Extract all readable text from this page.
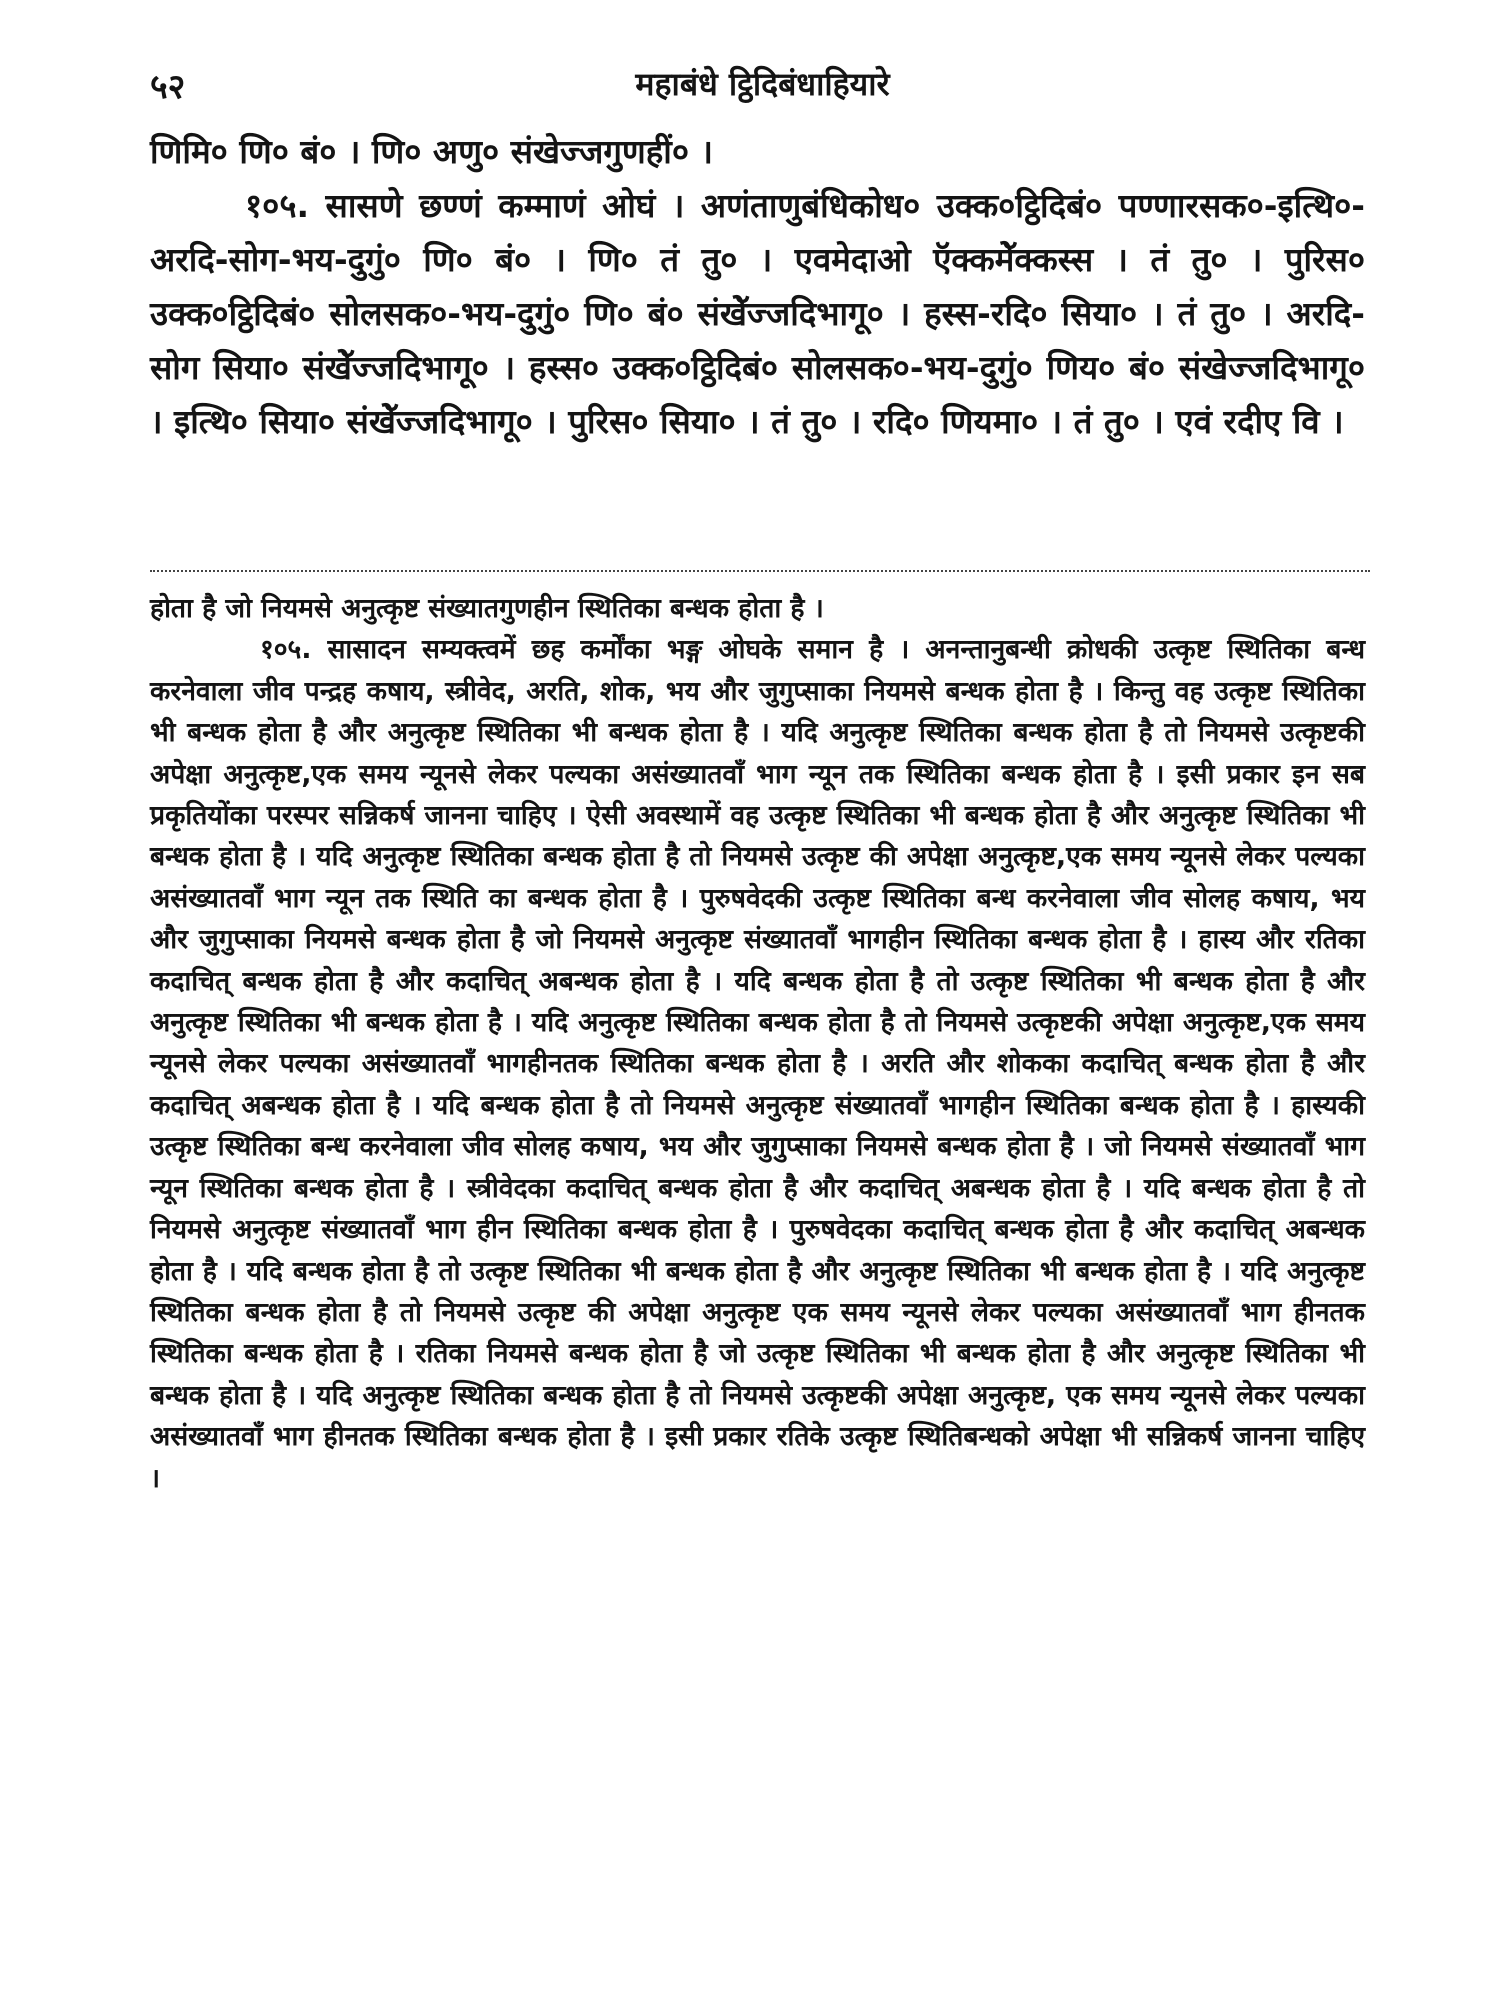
५२	महाबंधे ट्ठिदिबंधाहियारे

णिमि० णि० बं० । णि० अणु० संखेज्जगुणहीं० ।

१०५. सासणे छण्णं कम्माणं ओघं । अणंताणुबंधिकोध० उक्क०ट्ठिदिबं० पण्णारसक०-इत्थि०-अरदि-सोग-भय-दुगुं० णि० बं० । णि० तं तु० । एवमेदाओ ऍक्कमेॅक्कस्स । तं तु० । पुरिस० उक्क०ट्ठिदिबं० सोलसक०-भय-दुगुं० णि० बं० संखेॅज्जदिभागू० । हस्स-रदि० सिया० । तं तु० । अरदि-सोग सिया० संखेॅज्जदिभागू० । हस्स० उक्क०ट्ठिदिबं० सोलसक०-भय-दुगुं० णिय० बं० संखेज्जदिभागू० । इत्थि० सिया० संखेॅज्जदिभागू० । पुरिस० सिया० । तं तु० । रदि० णियमा० । तं तु० । एवं रदीए वि ।

होता है जो नियमसे अनुत्कृष्ट संख्यातगुणहीन स्थितिका बन्धक होता है ।

१०५. सासादन सम्यक्त्वमें छह कर्मोंका भङ्ग ओघके समान है । अनन्तानुबन्धी क्रोधकी उत्कृष्ट स्थितिका बन्ध करनेवाला जीव पन्द्रह कषाय, स्त्रीवेद, अरति, शोक, भय और जुगुप्साका नियमसे बन्धक होता है । किन्तु वह उत्कृष्ट स्थितिका भी बन्धक होता है और अनुत्कृष्ट स्थितिका भी बन्धक होता है । यदि अनुत्कृष्ट स्थितिका बन्धक होता है तो नियमसे उत्कृष्टकी अपेक्षा अनुत्कृष्ट,एक समय न्यूनसे लेकर पल्यका असंख्यातवाँ भाग न्यून तक स्थितिका बन्धक होता है । इसी प्रकार इन सब प्रकृतियोंका परस्पर सन्निकर्ष जानना चाहिए । ऐसी अवस्थामें वह उत्कृष्ट स्थितिका भी बन्धक होता है और अनुत्कृष्ट स्थितिका भी बन्धक होता है । यदि अनुत्कृष्ट स्थितिका बन्धक होता है तो नियमसे उत्कृष्ट की अपेक्षा अनुत्कृष्ट,एक समय न्यूनसे लेकर पल्यका असंख्यातवाँ भाग न्यून तक स्थिति का बन्धक होता है । पुरुषवेदकी उत्कृष्ट स्थितिका बन्ध करनेवाला जीव सोलह कषाय, भय और जुगुप्साका नियमसे बन्धक होता है जो नियमसे अनुत्कृष्ट संख्यातवाँ भागहीन स्थितिका बन्धक होता है । हास्य और रतिका कदाचित् बन्धक होता है और कदाचित् अबन्धक होता है । यदि बन्धक होता है तो उत्कृष्ट स्थितिका भी बन्धक होता है और अनुत्कृष्ट स्थितिका भी बन्धक होता है । यदि अनुत्कृष्ट स्थितिका बन्धक होता है तो नियमसे उत्कृष्टकी अपेक्षा अनुत्कृष्ट,एक समय न्यूनसे लेकर पल्यका असंख्यातवाँ भागहीनतक स्थितिका बन्धक होता है । अरति और शोकका कदाचित् बन्धक होता है और कदाचित् अबन्धक होता है । यदि बन्धक होता है तो नियमसे अनुत्कृष्ट संख्यातवाँ भागहीन स्थितिका बन्धक होता है । हास्यकी उत्कृष्ट स्थितिका बन्ध करनेवाला जीव सोलह कषाय, भय और जुगुप्साका नियमसे बन्धक होता है । जो नियमसे संख्यातवाँ भाग न्यून स्थितिका बन्धक होता है । स्त्रीवेदका कदाचित् बन्धक होता है और कदाचित् अबन्धक होता है । यदि बन्धक होता है तो नियमसे अनुत्कृष्ट संख्यातवाँ भाग हीन स्थितिका बन्धक होता है । पुरुषवेदका कदाचित् बन्धक होता है और कदाचित् अबन्धक होता है । यदि बन्धक होता है तो उत्कृष्ट स्थितिका भी बन्धक होता है और अनुत्कृष्ट स्थितिका भी बन्धक होता है । यदि अनुत्कृष्ट स्थितिका बन्धक होता है तो नियमसे उत्कृष्ट की अपेक्षा अनुत्कृष्ट एक समय न्यूनसे लेकर पल्यका असंख्यातवाँ भाग हीनतक स्थितिका बन्धक होता है । रतिका नियमसे बन्धक होता है जो उत्कृष्ट स्थितिका भी बन्धक होता है और अनुत्कृष्ट स्थितिका भी बन्धक होता है । यदि अनुत्कृष्ट स्थितिका बन्धक होता है तो नियमसे उत्कृष्टकी अपेक्षा अनुत्कृष्ट, एक समय न्यूनसे लेकर पल्यका असंख्यातवाँ भाग हीनतक स्थितिका बन्धक होता है । इसी प्रकार रतिके उत्कृष्ट स्थितिबन्धको अपेक्षा भी सन्निकर्ष जानना चाहिए ।
